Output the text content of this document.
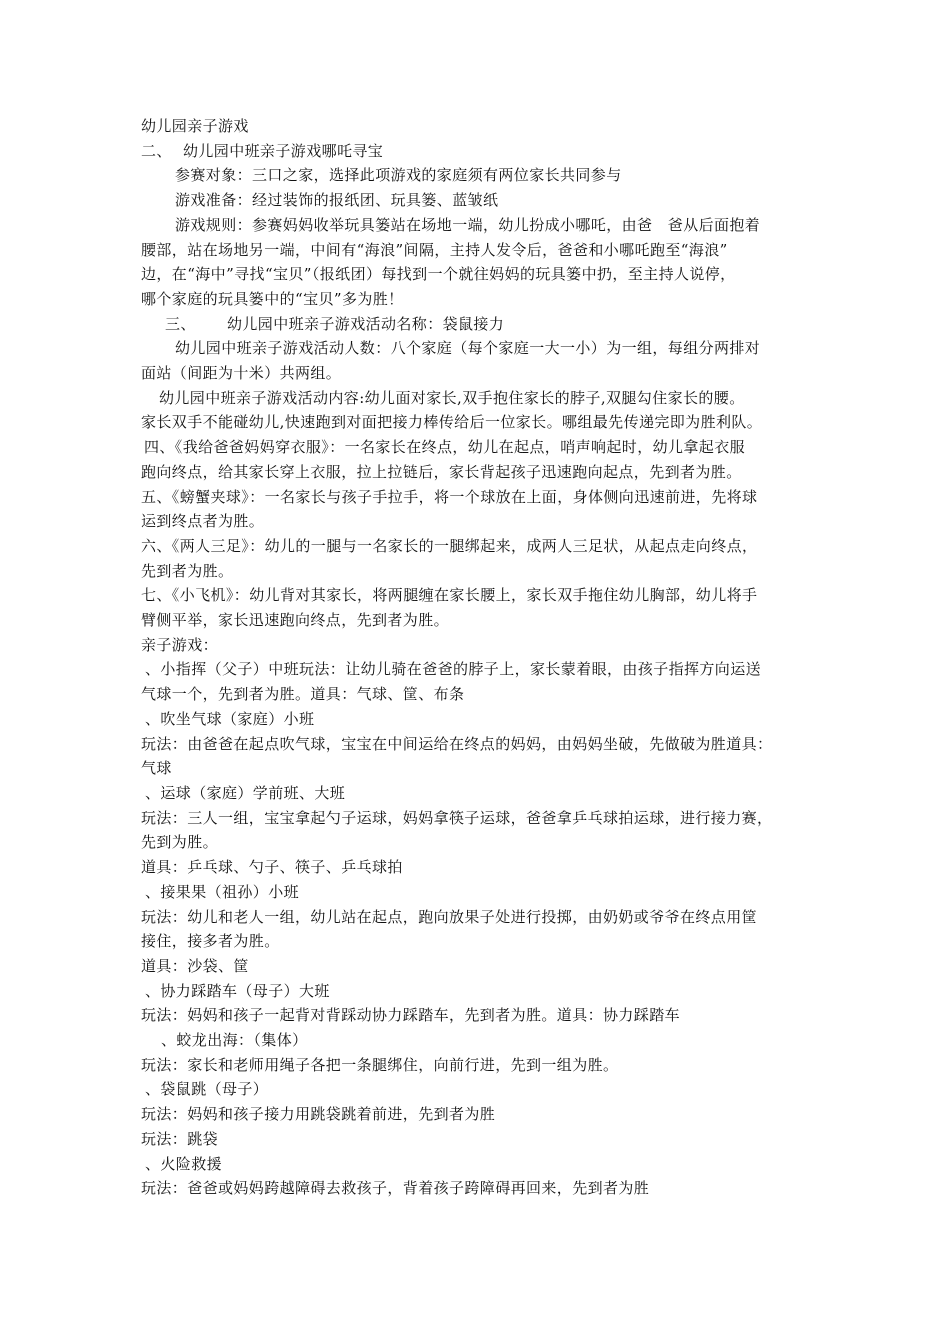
幼儿园亲子游戏
二、 幼儿园中班亲子游戏哪吒寻宝
参赛对象：三口之家，选择此项游戏的家庭须有两位家长共同参与
游戏准备：经过装饰的报纸团、玩具篓、蓝皱纸
游戏规则：参赛妈妈收举玩具篓站在场地一端，幼儿扮成小哪吒，由爸　爸从后面抱着
腰部，站在场地另一端，中间有“海浪”间隔，主持人发令后，爸爸和小哪吒跑至“海浪”
边，在“海中”寻找“宝贝”（报纸团）每找到一个就往妈妈的玩具篓中扔，至主持人说停，
哪个家庭的玩具篓中的“宝贝”多为胜！
三、 幼儿园中班亲子游戏活动名称：袋鼠接力
幼儿园中班亲子游戏活动人数：八个家庭（每个家庭一大一小）为一组，每组分两排对
面站（间距为十米）共两组。
幼儿园中班亲子游戏活动内容:幼儿面对家长,双手抱住家长的脖子,双腿勾住家长的腰。
家长双手不能碰幼儿,快速跑到对面把接力棒传给后一位家长。哪组最先传递完即为胜利队。
四、《我给爸爸妈妈穿衣服》：一名家长在终点，幼儿在起点，哨声响起时，幼儿拿起衣服
跑向终点，给其家长穿上衣服，拉上拉链后，家长背起孩子迅速跑向起点，先到者为胜。
五、《螃蟹夹球》：一名家长与孩子手拉手，将一个球放在上面，身体侧向迅速前进，先将球
运到终点者为胜。
六、《两人三足》：幼儿的一腿与一名家长的一腿绑起来，成两人三足状，从起点走向终点，
先到者为胜。
七、《小飞机》：幼儿背对其家长，将两腿缠在家长腰上，家长双手拖住幼儿胸部，幼儿将手
臂侧平举，家长迅速跑向终点，先到者为胜。
亲子游戏：
、小指挥（父子）中班玩法：让幼儿骑在爸爸的脖子上，家长蒙着眼，由孩子指挥方向运送
气球一个，先到者为胜。道具：气球、筐、布条
、吹坐气球（家庭）小班
玩法：由爸爸在起点吹气球，宝宝在中间运给在终点的妈妈，由妈妈坐破，先做破为胜道具：
气球
、运球（家庭）学前班、大班
玩法：三人一组，宝宝拿起勺子运球，妈妈拿筷子运球，爸爸拿乒乓球拍运球，进行接力赛，
先到为胜。
道具：乒乓球、勺子、筷子、乒乓球拍
、接果果（祖孙）小班
玩法：幼儿和老人一组，幼儿站在起点，跑向放果子处进行投掷，由奶奶或爷爷在终点用筐
接住，接多者为胜。
道具：沙袋、筐
、协力踩踏车（母子）大班
玩法：妈妈和孩子一起背对背踩动协力踩踏车，先到者为胜。道具：协力踩踏车
、蛟龙出海：（集体）
玩法：家长和老师用绳子各把一条腿绑住，向前行进，先到一组为胜。
、袋鼠跳（母子）
玩法：妈妈和孩子接力用跳袋跳着前进，先到者为胜
玩法：跳袋
、火险救援
玩法：爸爸或妈妈跨越障碍去救孩子，背着孩子跨障碍再回来，先到者为胜
